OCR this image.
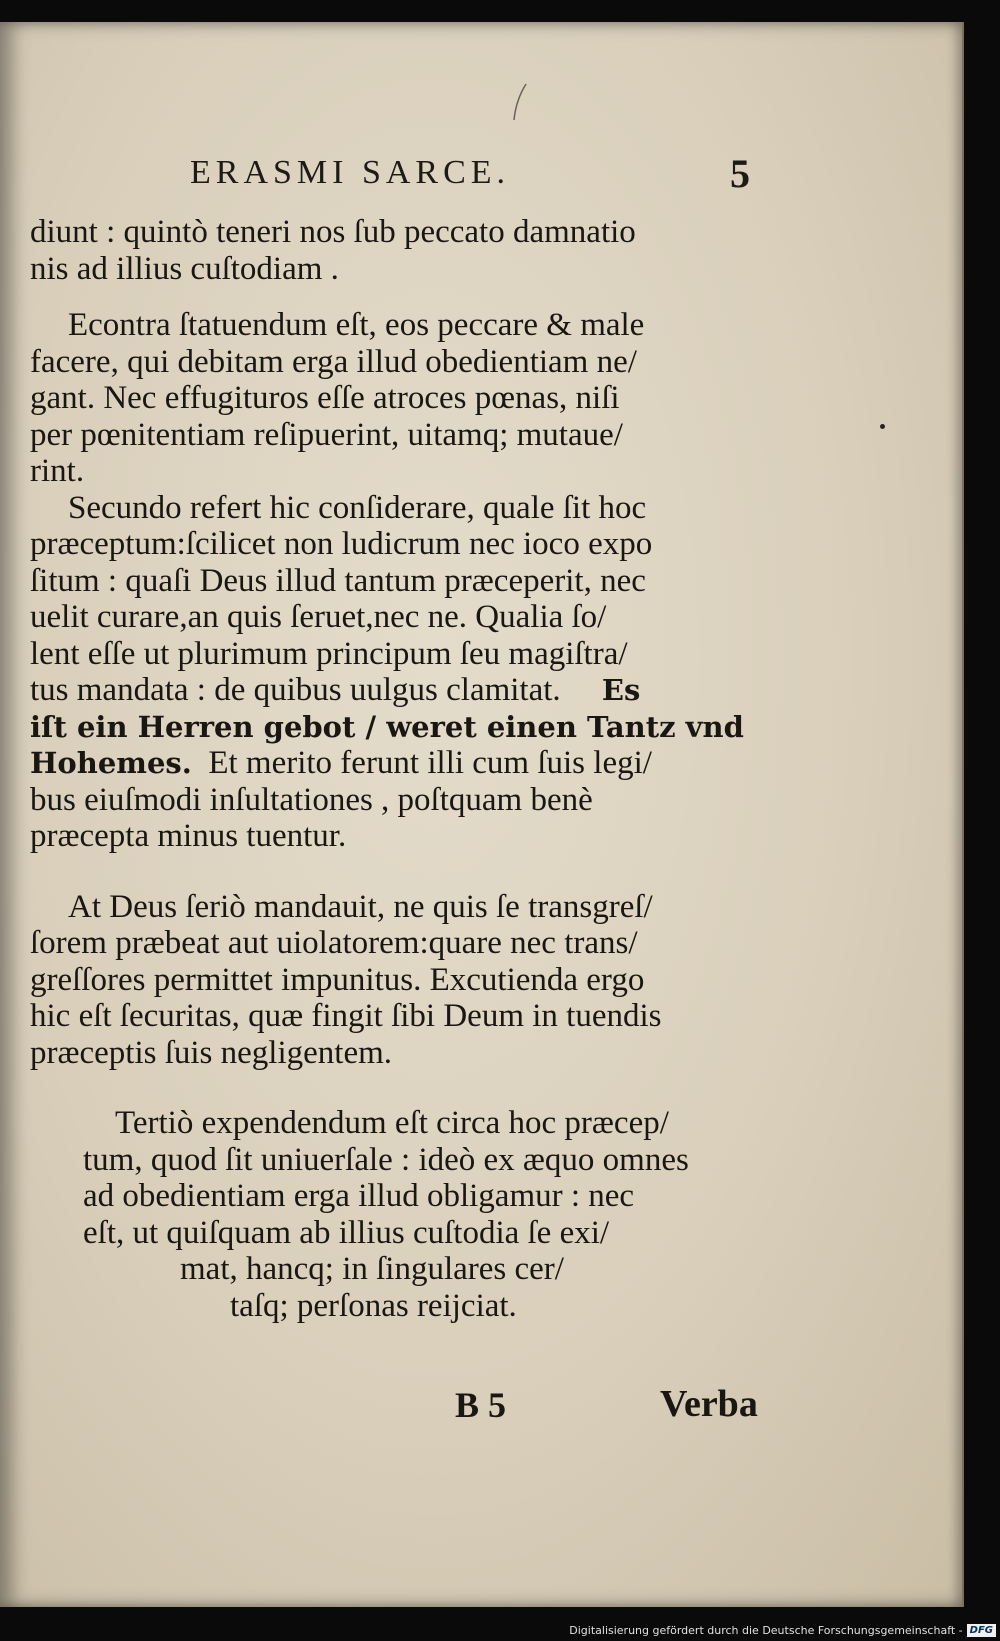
ERASMI SARCE.	5
diunt : quintò teneri nos ſub peccato damnatio
nis ad illius cuſtodiam .
Econtra ſtatuendum eſt, eos peccare & male
facere, qui debitam erga illud obedientiam ne/
gant. Nec effugituros eſſe atroces pœnas, niſi
per pœnitentiam reſipuerint, uitamq; mutaue/
rint.
Secundo refert hic conſiderare, quale ſit hoc
præceptum:ſcilicet non ludicrum nec ioco expo
ſitum : quaſi Deus illud tantum præceperit, nec
uelit curare,an quis ſeruet,nec ne. Qualia ſo/
lent eſſe ut plurimum principum ſeu magiſtra/
tus mandata : de quibus uulgus clamitat. Es
iſt ein Herren gebot / weret einen Tantz vnd
Hohemes. Et merito ferunt illi cum ſuis legi/
bus eiuſmodi inſultationes , poſtquam benè
præcepta minus tuentur.
At Deus ſeriò mandauit, ne quis ſe transgreſ/
ſorem præbeat aut uiolatorem:quare nec trans/
greſſores permittet impunitus. Excutienda ergo
hic eſt ſecuritas, quæ fingit ſibi Deum in tuendis
præceptis ſuis negligentem.
Tertiò expendendum eſt circa hoc præcep/
tum, quod ſit uniuerſale : ideò ex æquo omnes
ad obedientiam erga illud obligamur : nec
eſt, ut quiſquam ab illius cuſtodia ſe exi/
mat, hancq; in ſingulares cer/
taſq; perſonas reijciat.
B 5	Verba
Digitalisierung gefördert durch die Deutsche Forschungsgemeinschaft - DFG
